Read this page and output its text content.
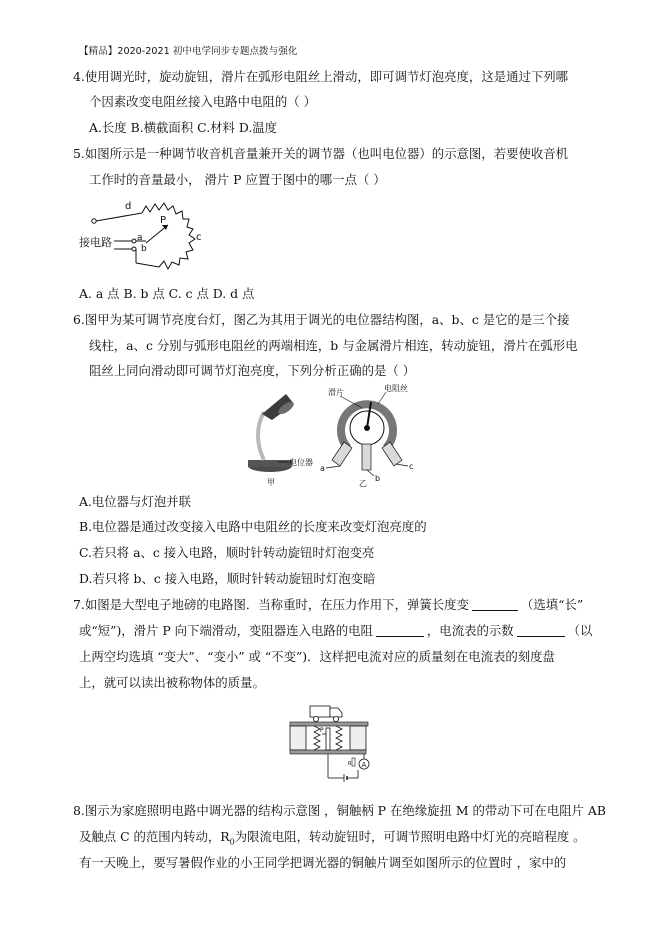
【精品】2020-2021 初中电学同步专题点拨与强化
4.使用调光时，旋动旋钮，滑片在弧形电阻丝上滑动，即可调节灯泡亮度，这是通过下列哪
个因素改变电阻丝接入电路中电阻的（ ）
A.长度 B.横截面积 C.材料 D.温度
5.如图所示是一种调节收音机音量兼开关的调节器（也叫电位器）的示意图，若要使收音机
工作时的音量最小， 滑片 P 应置于图中的哪一点（ ）
接电路
d
P
a
b
c
A. a 点 B. b 点 C. c 点 D. d 点
6.图甲为某可调节亮度台灯，图乙为其用于调光的电位器结构图，a、b、c 是它的是三个接
线柱，a、c 分别与弧形电阻丝的两端相连，b 与金属滑片相连，转动旋钮，滑片在弧形电
阻丝上同向滑动即可调节灯泡亮度，下列分析正确的是（ ）
电位器
甲
滑片	电阻丝
a
b
c
乙
A.电位器与灯泡并联
B.电位器是通过改变接入电路中电阻丝的长度来改变灯泡亮度的
C.若只将 a、c 接入电路，顺时针转动旋钮时灯泡变亮
D.若只将 b、c 接入电路，顺时针转动旋钮时灯泡变暗
7.如图是大型电子地磅的电路图．当称重时，在压力作用下，弹簧长度变	（选填“长”
或“短”)，滑片 P 向下端滑动，变阻器连入电路的电阻	，电流表的示数	（以
上两空均选填 “变大”、“变小” 或 “不变”)．这样把电流对应的质量刻在电流表的刻度盘
上，就可以读出被称物体的质量。
P
A
R
8.图示为家庭照明电路中调光器的结构示意图 ，铜触柄 P 在绝缘旋扭 M 的带动下可在电阻片 AB
及触点 C 的范围内转动，$R_0$为限流电阻，转动旋钮时，可调节照明电路中灯光的亮暗程度 。
有一天晚上，要写暑假作业的小王同学把调光器的铜触片调至如图所示的位置时 ，家中的
